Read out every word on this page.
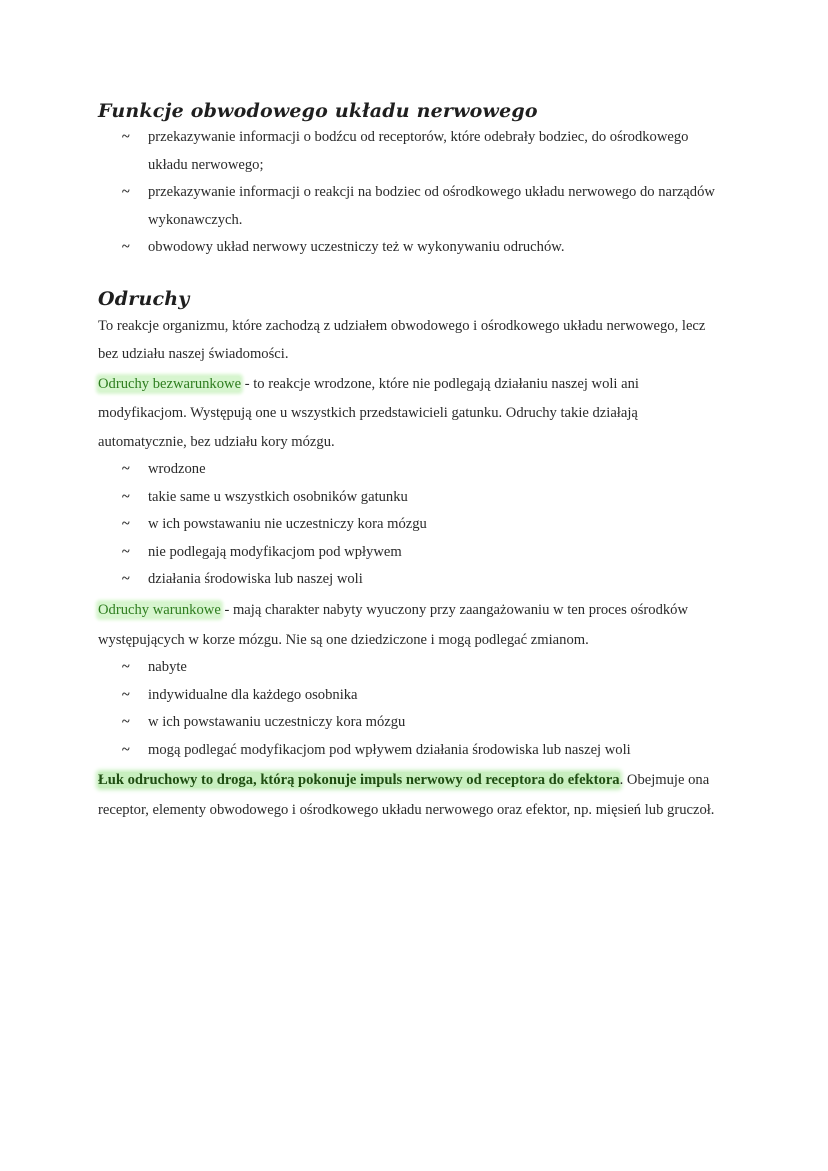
Funkcje obwodowego układu nerwowego
~ przekazywanie informacji o bodźcu od receptorów, które odebrały bodziec, do ośrodkowego układu nerwowego;
~ przekazywanie informacji o reakcji na bodziec od ośrodkowego układu nerwowego do narządów wykonawczych.
~ obwodowy układ nerwowy uczestniczy też w wykonywaniu odruchów.
Odruchy

To reakcje organizmu, które zachodzą z udziałem obwodowego i ośrodkowego układu nerwowego, lecz bez udziału naszej świadomości.

Odruchy bezwarunkowe - to reakcje wrodzone, które nie podlegają działaniu naszej woli ani modyfikacjom. Występują one u wszystkich przedstawicieli gatunku. Odruchy takie działają automatycznie, bez udziału kory mózgu.

~ wrodzone
~ takie same u wszystkich osobników gatunku
~ w ich powstawaniu nie uczestniczy kora mózgu
~ nie podlegają modyfikacjom pod wpływem
~ działania środowiska lub naszej woli

Odruchy warunkowe - mają charakter nabyty wyuczony przy zaangażowaniu w ten proces ośrodków występujących w korze mózgu. Nie są one dziedziczone i mogą podlegać zmianom.

~ nabyte
~ indywidualne dla każdego osobnika
~ w ich powstawaniu uczestniczy kora mózgu
~ mogą podlegać modyfikacjom pod wpływem działania środowiska lub naszej woli

Łuk odruchowy to droga, którą pokonuje impuls nerwowy od receptora do efektora. Obejmuje ona receptor, elementy obwodowego i ośrodkowego układu nerwowego oraz efektor, np. mięsień lub gruczoł.
